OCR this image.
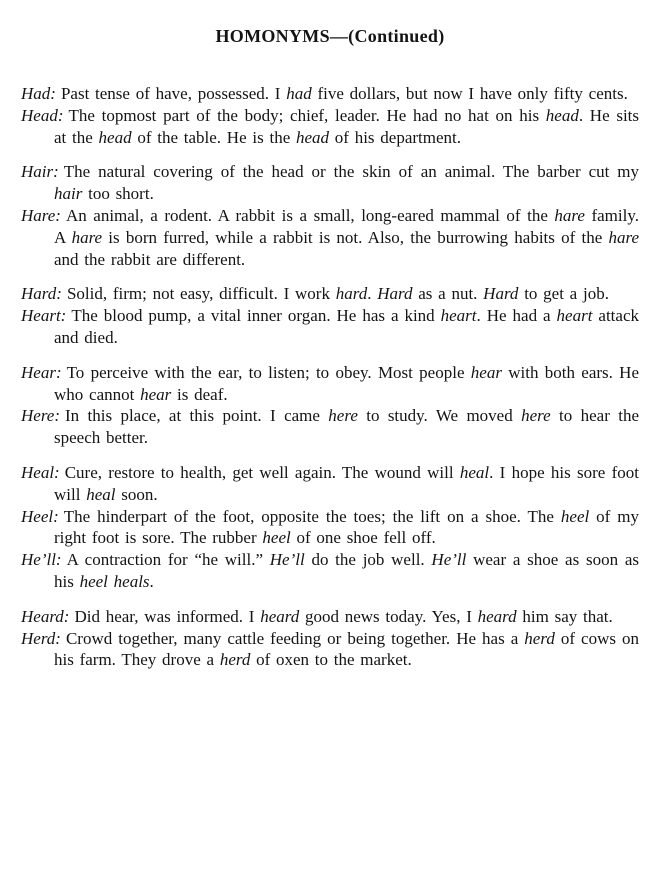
HOMONYMS—(Continued)

Had: Past tense of have, possessed. I had five dollars, but now I have only fifty cents.

Head: The topmost part of the body; chief, leader. He had no hat on his head. He sits at the head of the table. He is the head of his department.

Hair: The natural covering of the head or the skin of an animal. The barber cut my hair too short.

Hare: An animal, a rodent. A rabbit is a small, long-eared mammal of the hare family. A hare is born furred, while a rabbit is not. Also, the burrowing habits of the hare and the rabbit are different.

Hard: Solid, firm; not easy, difficult. I work hard. Hard as a nut. Hard to get a job.

Heart: The blood pump, a vital inner organ. He has a kind heart. He had a heart attack and died.

Hear: To perceive with the ear, to listen; to obey. Most people hear with both ears. He who cannot hear is deaf.

Here: In this place, at this point. I came here to study. We moved here to hear the speech better.

Heal: Cure, restore to health, get well again. The wound will heal. I hope his sore foot will heal soon.

Heel: The hinderpart of the foot, opposite the toes; the lift on a shoe. The heel of my right foot is sore. The rubber heel of one shoe fell off.

He’ll: A contraction for “he will.” He’ll do the job well. He’ll wear a shoe as soon as his heel heals.

Heard: Did hear, was informed. I heard good news today. Yes, I heard him say that.

Herd: Crowd together, many cattle feeding or being together. He has a herd of cows on his farm. They drove a herd of oxen to the market.
